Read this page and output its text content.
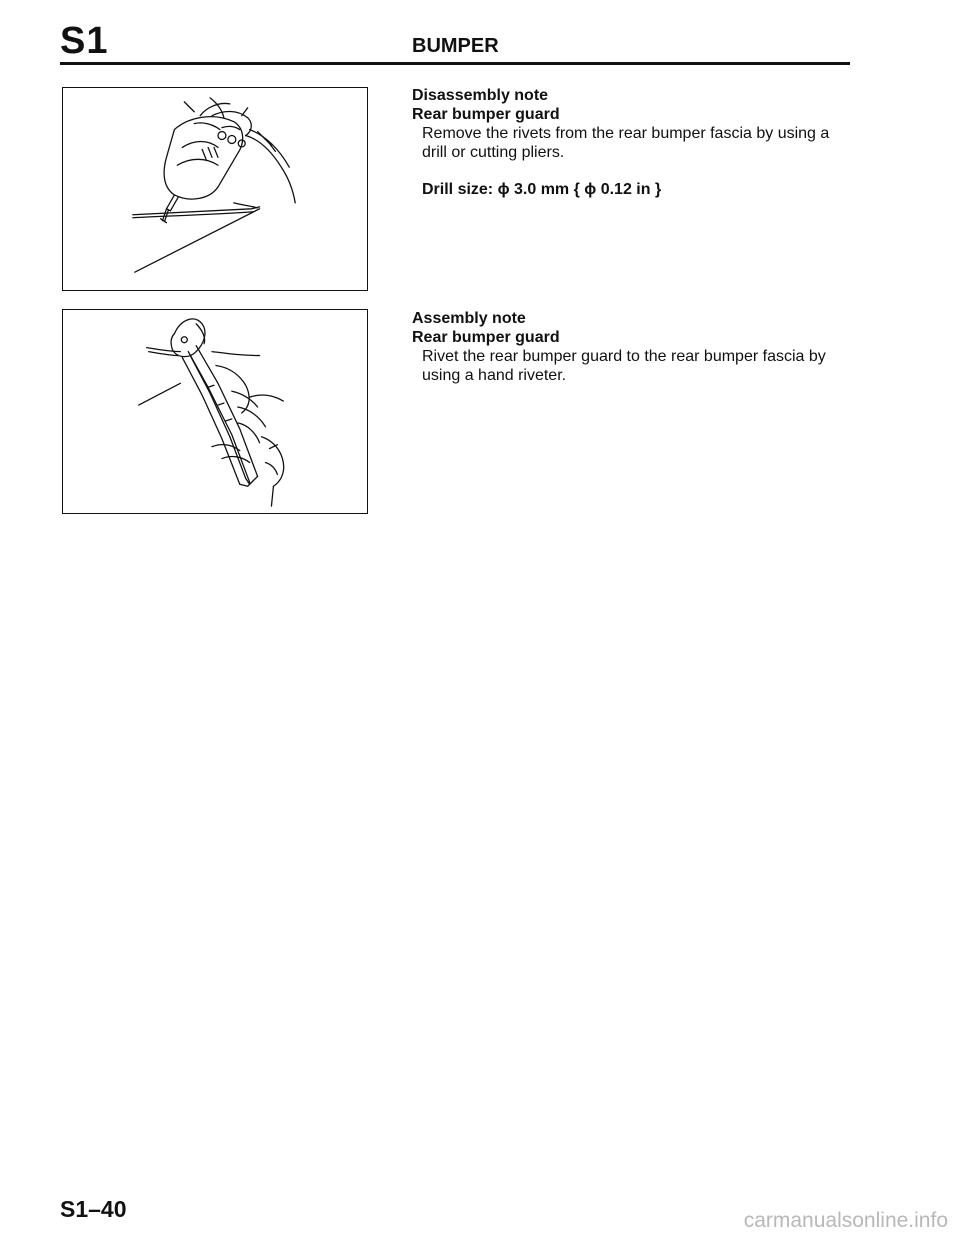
S1	BUMPER
Disassembly note
Rear bumper guard
Remove the rivets from the rear bumper fascia by using a drill or cutting pliers.
Drill size: ϕ 3.0 mm { ϕ 0.12 in }
Assembly note
Rear bumper guard
Rivet the rear bumper guard to the rear bumper fascia by using a hand riveter.
S1–40	carmanualsonline.info
